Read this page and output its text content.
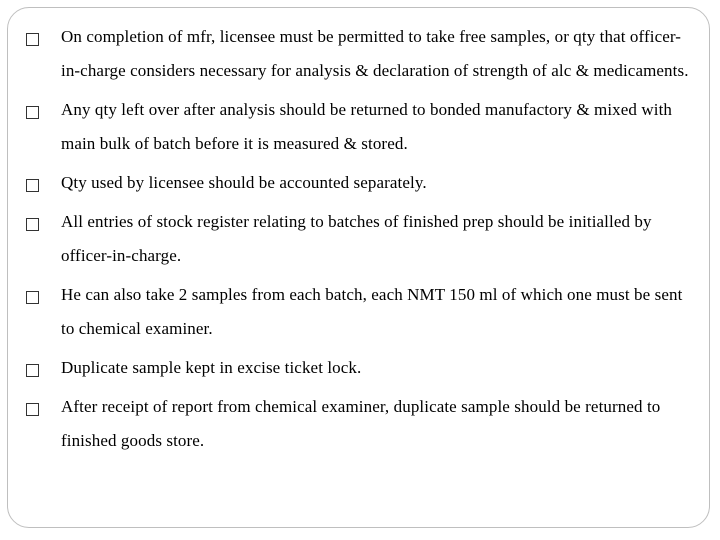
On completion of mfr, licensee must be permitted to take free samples, or qty that officer-in-charge considers necessary for analysis & declaration of strength of alc & medicaments.
Any qty left over after analysis should be returned to bonded manufactory & mixed with main bulk of batch before it is measured & stored.
Qty used by licensee should be accounted separately.
All entries of stock register relating to batches of finished prep should be initialled by officer-in-charge.
He can also take 2 samples from each batch, each NMT 150 ml of which one must be sent to chemical examiner.
Duplicate sample kept in excise ticket lock.
After receipt of report from chemical examiner, duplicate sample should be returned to finished goods store.
